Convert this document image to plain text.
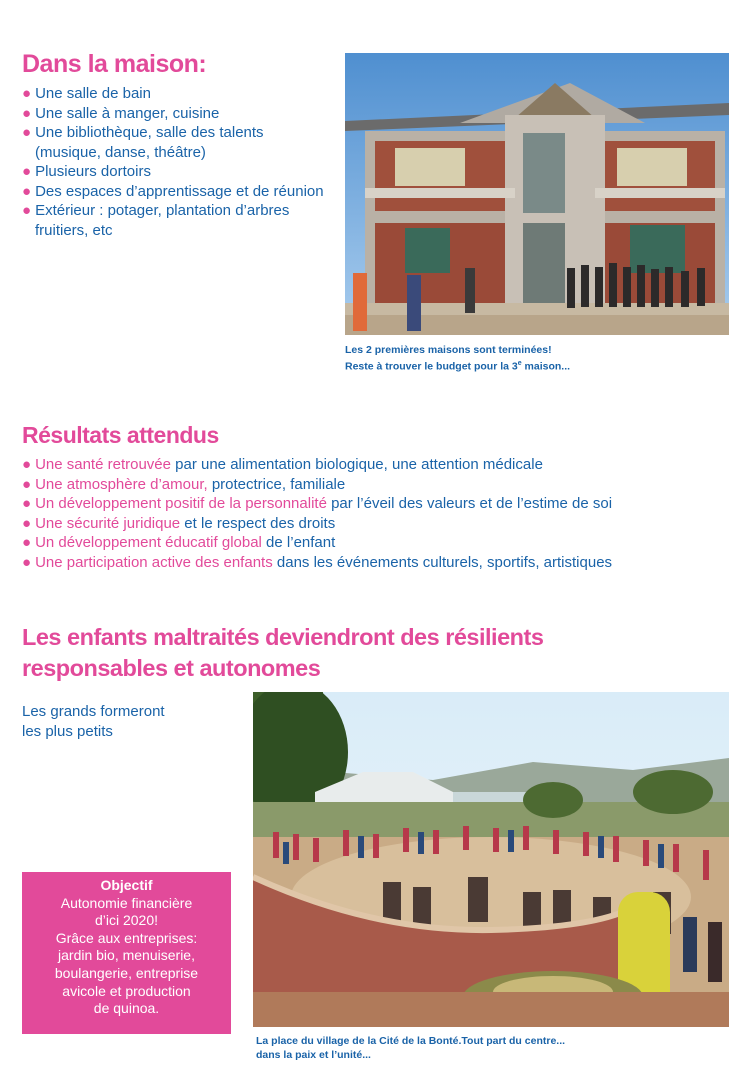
Dans la maison:
● Une salle de bain
● Une salle à manger, cuisine
● Une bibliothèque, salle des talents
(musique, danse, théâtre)
● Plusieurs dortoirs
● Des espaces d’apprentissage et de réunion
● Extérieur : potager, plantation d’arbres
fruitiers, etc
Les 2 premières maisons sont terminées!
Reste à trouver le budget pour la 3e maison...
Résultats attendus
● Une santé retrouvée par une alimentation biologique, une attention médicale
● Une atmosphère d’amour, protectrice, familiale
● Un développement positif de la personnalité par l’éveil des valeurs et de l’estime de soi
● Une sécurité juridique et le respect des droits
● Un développement éducatif global de l’enfant
● Une participation active des enfants dans les événements culturels, sportifs, artistiques
Les enfants maltraités deviendront des résilients
responsables et autonomes
Les grands formeront
les plus petits
Objectif
Autonomie financière
d’ici 2020!
Grâce aux entreprises:
jardin bio, menuiserie,
boulangerie, entreprise
avicole et production
de quinoa.
La place du village de la Cité de la Bonté.Tout part du centre...
dans la paix et l’unité...
